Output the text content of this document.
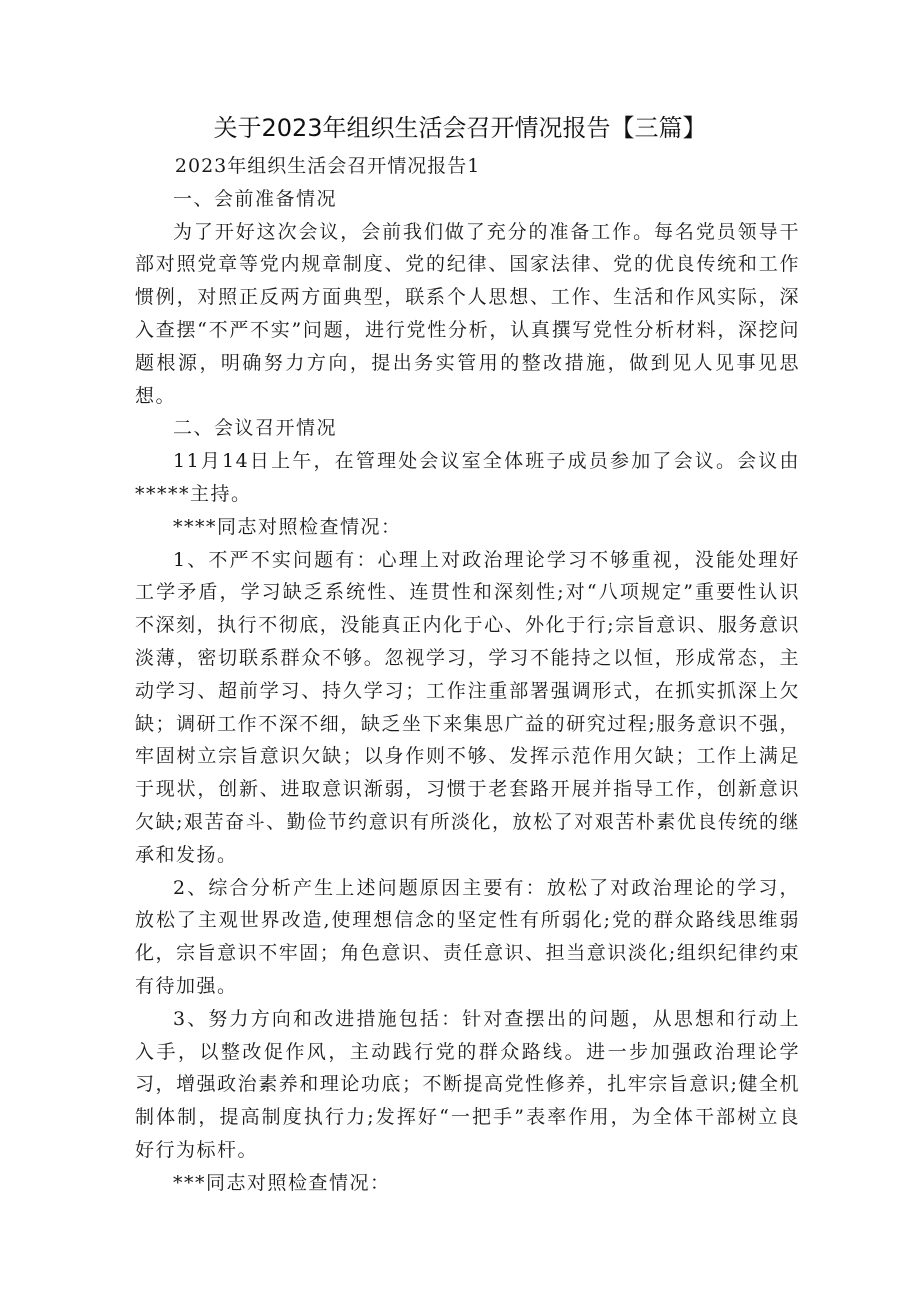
关于2023年组织生活会召开情况报告【三篇】

2023年组织生活会召开情况报告1

一、会前准备情况

为了开好这次会议，会前我们做了充分的准备工作。每名党员领导干部对照党章等党内规章制度、党的纪律、国家法律、党的优良传统和工作惯例，对照正反两方面典型，联系个人思想、工作、生活和作风实际，深入查摆“不严不实”问题，进行党性分析，认真撰写党性分析材料，深挖问题根源，明确努力方向，提出务实管用的整改措施，做到见人见事见思想。

二、会议召开情况

11月14日上午，在管理处会议室全体班子成员参加了会议。会议由*****主持。

****同志对照检查情况：

1、不严不实问题有：心理上对政治理论学习不够重视，没能处理好工学矛盾，学习缺乏系统性、连贯性和深刻性;对“八项规定”重要性认识不深刻，执行不彻底，没能真正内化于心、外化于行;宗旨意识、服务意识淡薄，密切联系群众不够。忽视学习，学习不能持之以恒，形成常态，主动学习、超前学习、持久学习；工作注重部署强调形式，在抓实抓深上欠缺；调研工作不深不细，缺乏坐下来集思广益的研究过程;服务意识不强，牢固树立宗旨意识欠缺；以身作则不够、发挥示范作用欠缺；工作上满足于现状，创新、进取意识渐弱，习惯于老套路开展并指导工作，创新意识欠缺;艰苦奋斗、勤俭节约意识有所淡化，放松了对艰苦朴素优良传统的继承和发扬。

2、综合分析产生上述问题原因主要有：放松了对政治理论的学习，放松了主观世界改造,使理想信念的坚定性有所弱化;党的群众路线思维弱化，宗旨意识不牢固；角色意识、责任意识、担当意识淡化;组织纪律约束有待加强。

3、努力方向和改进措施包括：针对查摆出的问题，从思想和行动上入手，以整改促作风，主动践行党的群众路线。进一步加强政治理论学习，增强政治素养和理论功底；不断提高党性修养，扎牢宗旨意识;健全机制体制，提高制度执行力;发挥好“一把手”表率作用，为全体干部树立良好行为标杆。

***同志对照检查情况：
